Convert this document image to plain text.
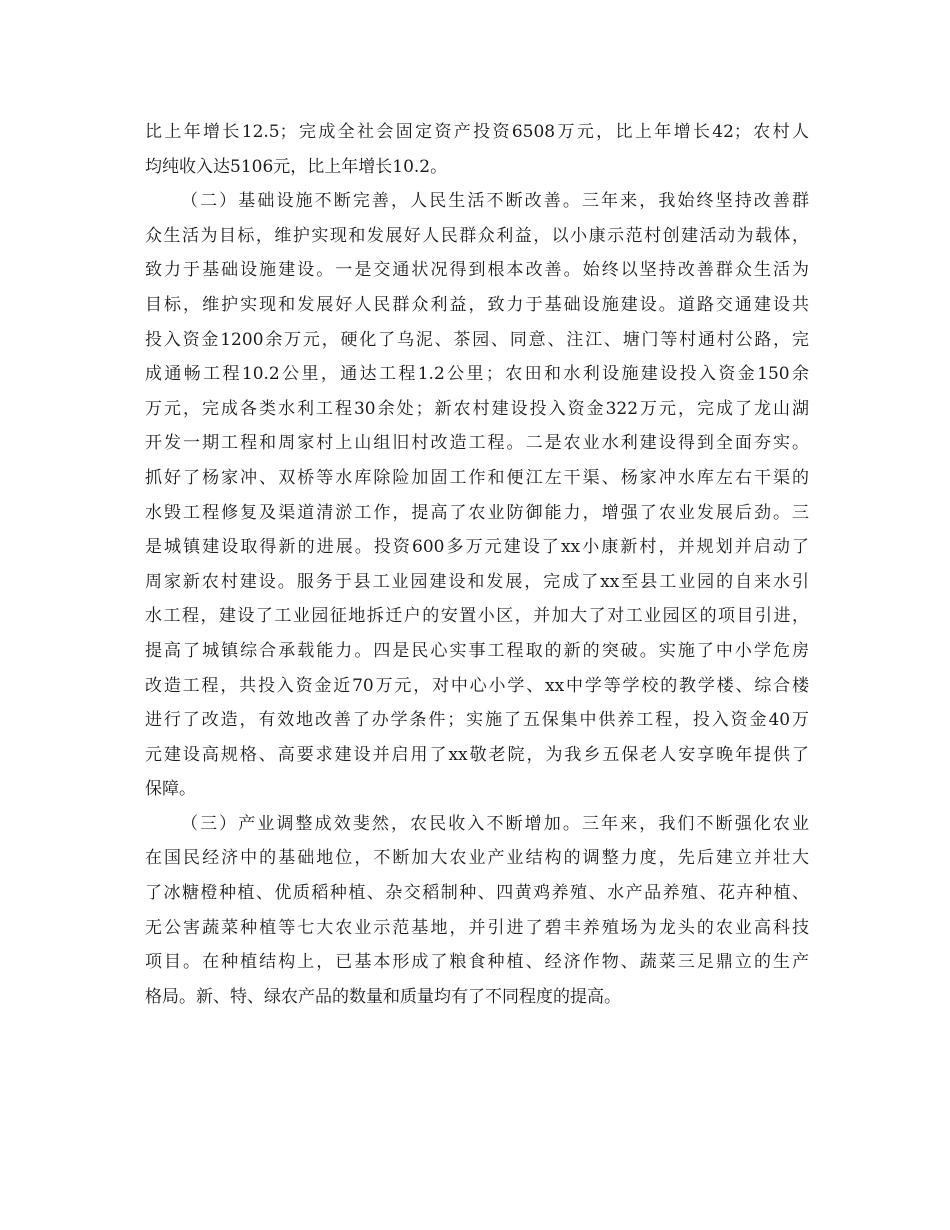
比上年增长12.5；完成全社会固定资产投资6508万元，比上年增长42；农村人
均纯收入达5106元，比上年增长10.2。
（二）基础设施不断完善，人民生活不断改善。三年来，我始终坚持改善群
众生活为目标，维护实现和发展好人民群众利益，以小康示范村创建活动为载体，
致力于基础设施建设。一是交通状况得到根本改善。始终以坚持改善群众生活为
目标，维护实现和发展好人民群众利益，致力于基础设施建设。道路交通建设共
投入资金1200余万元，硬化了乌泥、茶园、同意、注江、塘门等村通村公路，完
成通畅工程10.2公里，通达工程1.2公里；农田和水利设施建设投入资金150余
万元，完成各类水利工程30余处；新农村建设投入资金322万元，完成了龙山湖
开发一期工程和周家村上山组旧村改造工程。二是农业水利建设得到全面夯实。
抓好了杨家冲、双桥等水库除险加固工作和便江左干渠、杨家冲水库左右干渠的
水毁工程修复及渠道清淤工作，提高了农业防御能力，增强了农业发展后劲。三
是城镇建设取得新的进展。投资600多万元建设了xx小康新村，并规划并启动了
周家新农村建设。服务于县工业园建设和发展，完成了xx至县工业园的自来水引
水工程，建设了工业园征地拆迁户的安置小区，并加大了对工业园区的项目引进，
提高了城镇综合承载能力。四是民心实事工程取的新的突破。实施了中小学危房
改造工程，共投入资金近70万元，对中心小学、xx中学等学校的教学楼、综合楼
进行了改造，有效地改善了办学条件；实施了五保集中供养工程，投入资金40万
元建设高规格、高要求建设并启用了xx敬老院，为我乡五保老人安享晚年提供了
保障。
（三）产业调整成效斐然，农民收入不断增加。三年来，我们不断强化农业
在国民经济中的基础地位，不断加大农业产业结构的调整力度，先后建立并壮大
了冰糖橙种植、优质稻种植、杂交稻制种、四黄鸡养殖、水产品养殖、花卉种植、
无公害蔬菜种植等七大农业示范基地，并引进了碧丰养殖场为龙头的农业高科技
项目。在种植结构上，已基本形成了粮食种植、经济作物、蔬菜三足鼎立的生产
格局。新、特、绿农产品的数量和质量均有了不同程度的提高。
